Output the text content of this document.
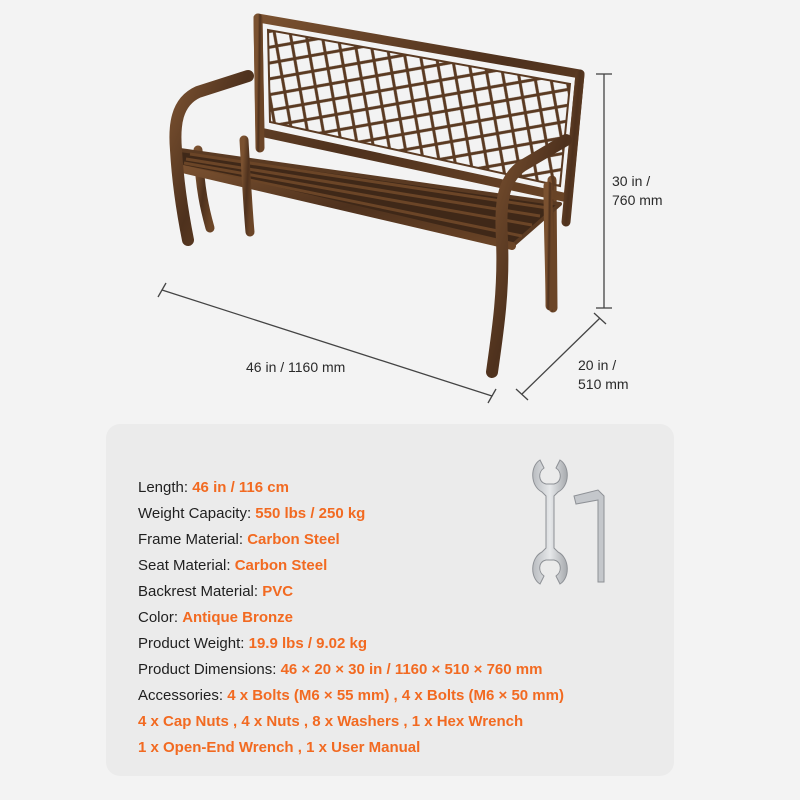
30 in /
760 mm
46 in / 1160 mm	20 in /
510 mm
Length: 46 in / 116 cm
Weight Capacity: 550 lbs / 250 kg
Frame Material: Carbon Steel
Seat Material: Carbon Steel
Backrest Material: PVC
Color: Antique Bronze
Product Weight: 19.9 lbs / 9.02 kg
Product Dimensions: 46 × 20 × 30 in / 1160 × 510 × 760 mm
Accessories: 4 x Bolts (M6 × 55 mm) , 4 x Bolts (M6 × 50 mm)
4 x Cap Nuts , 4 x Nuts , 8 x Washers , 1 x Hex Wrench
1 x Open-End Wrench , 1 x User Manual
